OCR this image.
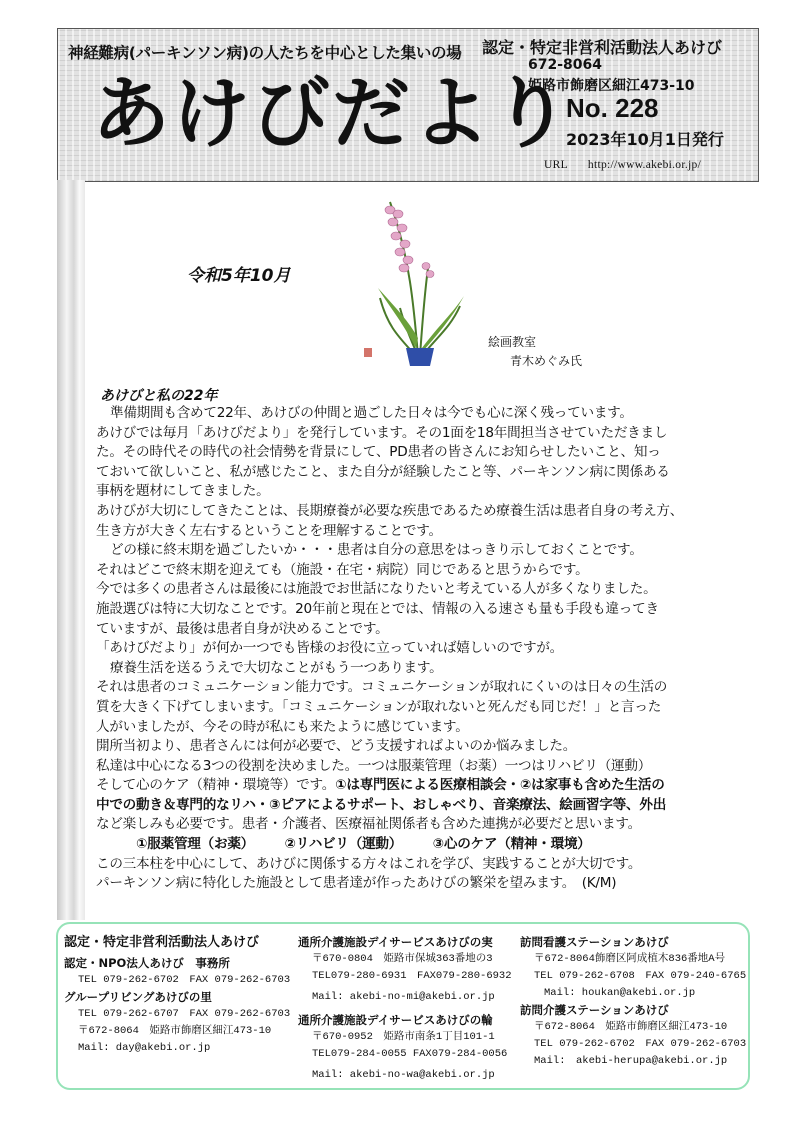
神経難病(パーキンソン病)の人たちを中心とした集いの場
あけびだより
認定・特定非営利活動法人あけび
672-8064
姫路市飾磨区細江473-10
No. 228
2023年10月1日発行
URL http://www.akebi.or.jp/
令和5年10月
絵画教室
青木めぐみ氏
あけびと私の22年
準備期間も含めて22年、あけびの仲間と過ごした日々は今でも心に深く残っています。
あけびでは毎月「あけびだより」を発行しています。その1面を18年間担当させていただきまし
た。その時代その時代の社会情勢を背景にして、PD患者の皆さんにお知らせしたいこと、知っ
ておいて欲しいこと、私が感じたこと、また自分が経験したこと等、パーキンソン病に関係ある
事柄を題材にしてきました。
あけびが大切にしてきたことは、長期療養が必要な疾患であるため療養生活は患者自身の考え方、
生き方が大きく左右するということを理解することです。
どの様に終末期を過ごしたいか・・・患者は自分の意思をはっきり示しておくことです。
それはどこで終末期を迎えても（施設・在宅・病院）同じであると思うからです。
今では多くの患者さんは最後には施設でお世話になりたいと考えている人が多くなりました。
施設選びは特に大切なことです。20年前と現在とでは、情報の入る速さも量も手段も違ってき
ていますが、最後は患者自身が決めることです。
「あけびだより」が何か一つでも皆様のお役に立っていれば嬉しいのですが。
療養生活を送るうえで大切なことがもう一つあります。
それは患者のコミュニケーション能力です。コミュニケーションが取れにくいのは日々の生活の
質を大きく下げてしまいます。「コミュニケーションが取れないと死んだも同じだ！」と言った
人がいましたが、今その時が私にも来たように感じています。
開所当初より、患者さんには何が必要で、どう支援すればよいのか悩みました。
私達は中心になる3つの役割を決めました。一つは服薬管理（お薬）一つはリハビリ（運動）
そして心のケア（精神・環境等）です。①は専門医による医療相談会・②は家事も含めた生活の
中での動き＆専門的なリハ・③ピアによるサポート、おしゃべり、音楽療法、絵画習字等、外出
など楽しみも必要です。患者・介護者、医療福祉関係者も含めた連携が必要だと思います。
①服薬管理（お薬） ②リハビリ（運動） ③心のケア（精神・環境）
この三本柱を中心にして、あけびに関係する方々はこれを学び、実践することが大切です。
パーキンソン病に特化した施設として患者達が作ったあけびの繁栄を望みます。　(K/M)
認定・特定非営利活動法人あけび
認定・NPO法人あけび　事務所
TEL 079-262-6702　FAX 079-262-6703
グループリビングあけびの里
TEL 079-262-6707　FAX 079-262-6703
〒672-8064　姫路市飾磨区細江473-10
Mail: day@akebi.or.jp
通所介護施設デイサービスあけびの実
〒670-0804　姫路市保城363番地の3
TEL079-280-6931　FAX079-280-6932
Mail: akebi-no-mi@akebi.or.jp
通所介護施設デイサービスあけびの輪
〒670-0952　姫路市南条1丁目101-1
TEL079-284-0055 FAX079-284-0056
Mail: akebi-no-wa@akebi.or.jp
訪問看護ステーションあけび
〒672-8064飾磨区阿成植木836番地A号
TEL 079-262-6708　FAX 079-240-6765
Mail: houkan@akebi.or.jp
訪問介護ステーションあけび
〒672-8064　姫路市飾磨区細江473-10
TEL 079-262-6702　FAX 079-262-6703
Mail:　akebi-herupa@akebi.or.jp
